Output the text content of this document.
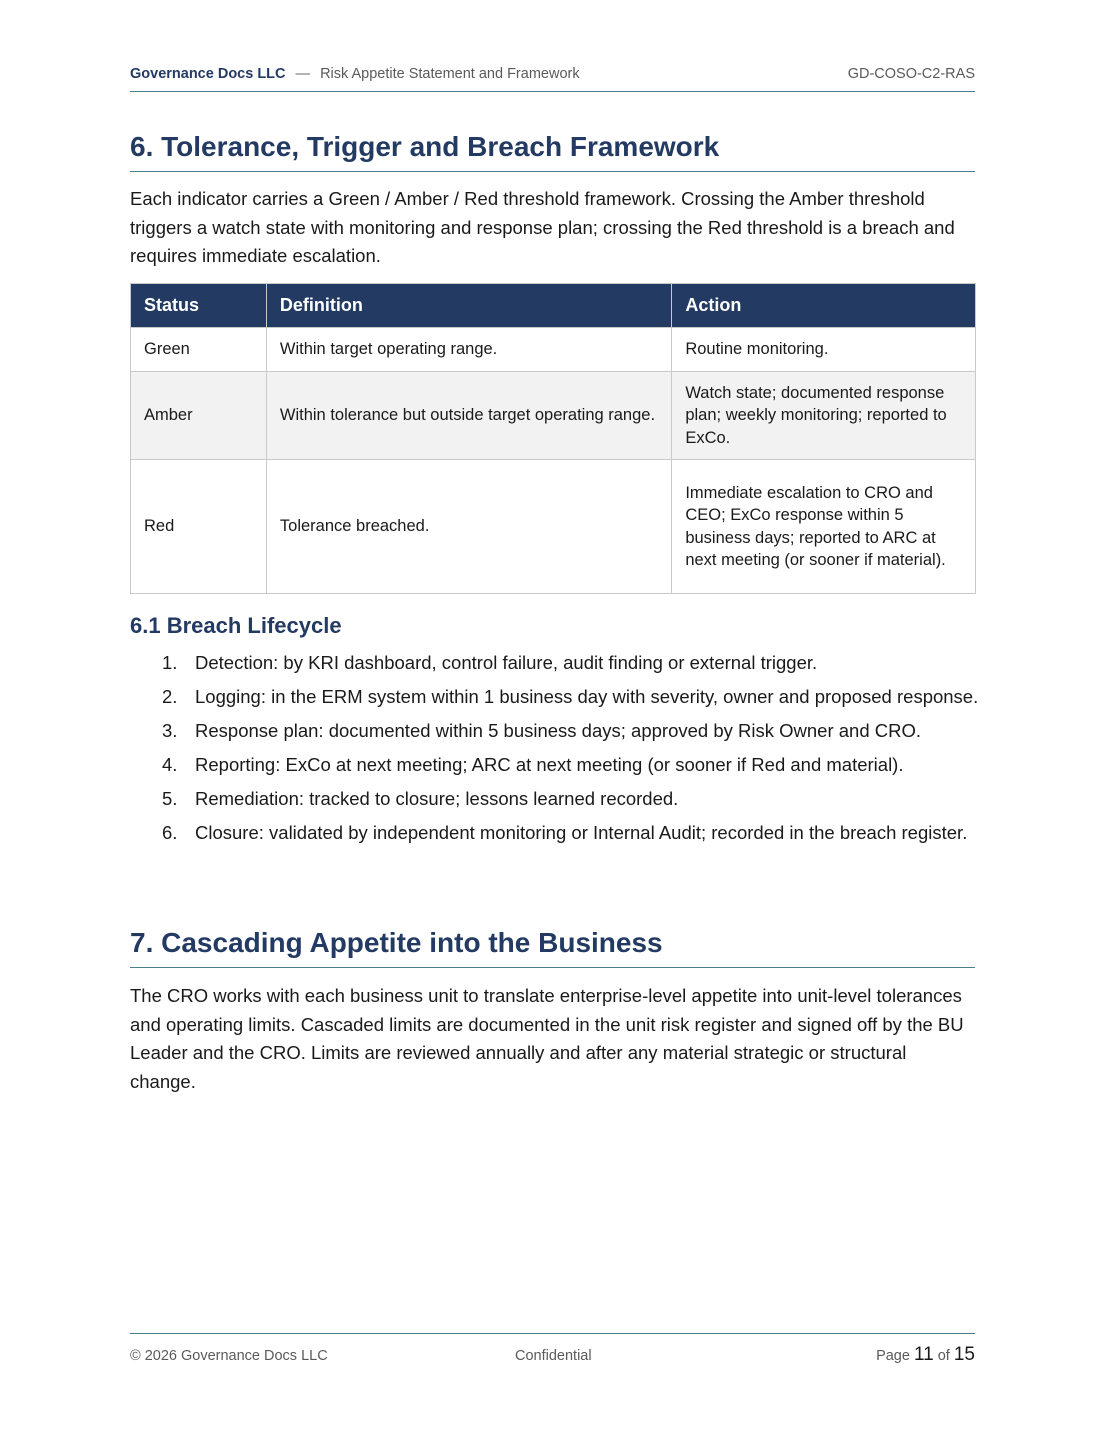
Governance Docs LLC — Risk Appetite Statement and Framework	GD-COSO-C2-RAS
6. Tolerance, Trigger and Breach Framework

Each indicator carries a Green / Amber / Red threshold framework. Crossing the Amber threshold triggers a watch state with monitoring and response plan; crossing the Red threshold is a breach and requires immediate escalation.

Status	Definition	Action
Green	Within target operating range.	Routine monitoring.
Amber	Within tolerance but outside target operating range.	Watch state; documented response plan; weekly monitoring; reported to ExCo.
Red	Tolerance breached.	Immediate escalation to CRO and CEO; ExCo response within 5 business days; reported to ARC at next meeting (or sooner if material).
6.1 Breach Lifecycle
1. Detection: by KRI dashboard, control failure, audit finding or external trigger.
2. Logging: in the ERM system within 1 business day with severity, owner and proposed response.
3. Response plan: documented within 5 business days; approved by Risk Owner and CRO.
4. Reporting: ExCo at next meeting; ARC at next meeting (or sooner if Red and material).
5. Remediation: tracked to closure; lessons learned recorded.
6. Closure: validated by independent monitoring or Internal Audit; recorded in the breach register.
7. Cascading Appetite into the Business

The CRO works with each business unit to translate enterprise-level appetite into unit-level tolerances and operating limits. Cascaded limits are documented in the unit risk register and signed off by the BU Leader and the CRO. Limits are reviewed annually and after any material strategic or structural change.

© 2026 Governance Docs LLC	Confidential	Page 11 of 15
